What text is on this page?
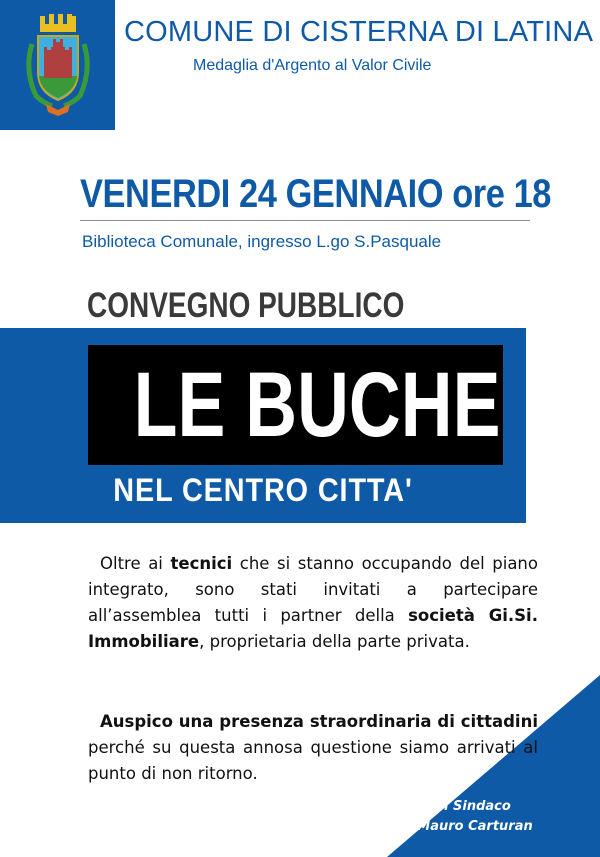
COMUNE DI CISTERNA DI LATINA
Medaglia d'Argento al Valor Civile
VENERDI 24 GENNAIO ore 18
Biblioteca Comunale, ingresso L.go S.Pasquale
CONVEGNO PUBBLICO
LE BUCHE
NEL CENTRO CITTA'
Oltre ai tecnici che si stanno occupando del piano integrato, sono stati invitati a partecipare all’assemblea tutti i partner della società Gi.Si. Immobiliare, proprietaria della parte privata.
Auspico una presenza straordinaria di cittadini perché su questa annosa questione siamo arrivati al punto di non ritorno.
Il Sindaco
Mauro Carturan
